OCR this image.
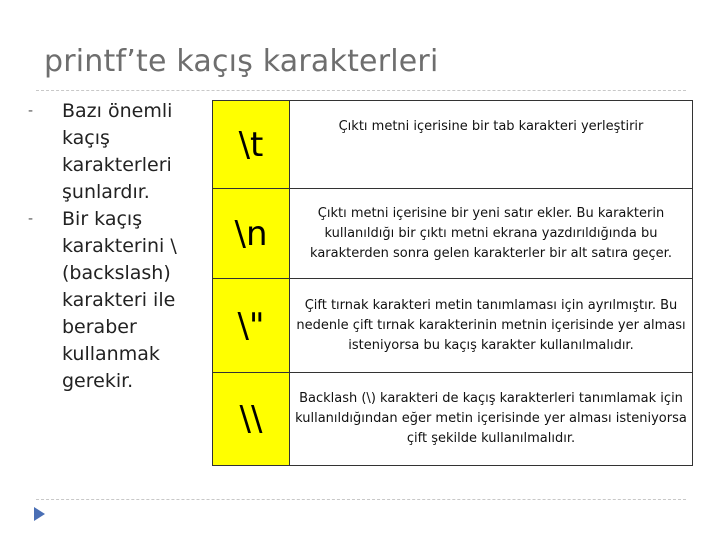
printf’te kaçış karakterleri
-	Bazı önemli kaçış karakterleri şunlardır.
-	Bir kaçış karakterini \ (backslash) karakteri ile beraber kullanmak gerekir.
\t	Çıktı metni içerisine bir tab karakteri yerleştirir
\n	Çıktı metni içerisine bir yeni satır ekler. Bu karakterin kullanıldığı bir çıktı metni ekrana yazdırıldığında bu karakterden sonra gelen karakterler bir alt satıra geçer.
\"	Çift tırnak karakteri metin tanımlaması için ayrılmıştır. Bu nedenle çift tırnak karakterinin metnin içerisinde yer alması isteniyorsa bu kaçış karakter kullanılmalıdır.
\\	Backlash (\) karakteri de kaçış karakterleri tanımlamak için kullanıldığından eğer metin içerisinde yer alması isteniyorsa çift şekilde kullanılmalıdır.
